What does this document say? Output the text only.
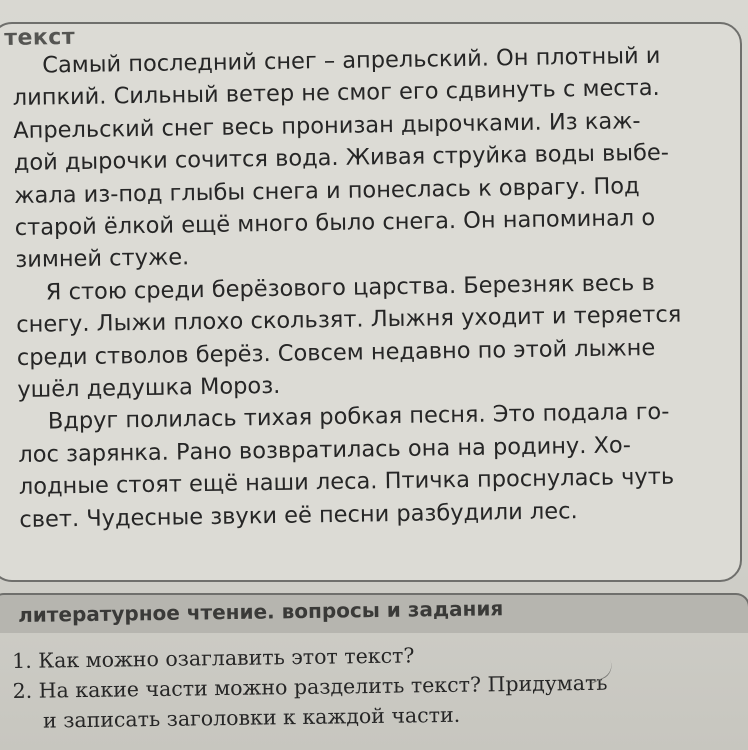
текст
Самый последний снег – апрельский. Он плотный и
липкий. Сильный ветер не смог его сдвинуть с места.
Апрельский снег весь пронизан дырочками. Из каж-
дой дырочки сочится вода. Живая струйка воды выбе-
жала из-под глыбы снега и понеслась к оврагу. Под
старой ёлкой ещё много было снега. Он напоминал о
зимней стуже.
Я стою среди берёзового царства. Березняк весь в
снегу. Лыжи плохо скользят. Лыжня уходит и теряется
среди стволов берёз. Совсем недавно по этой лыжне
ушёл дедушка Мороз.
Вдруг полилась тихая робкая песня. Это подала го-
лос зарянка. Рано возвратилась она на родину. Хо-
лодные стоят ещё наши леса. Птичка проснулась чуть
свет. Чудесные звуки её песни разбудили лес.
литературное чтение. вопросы и задания
1. Как можно озаглавить этот текст?
2. На какие части можно разделить текст? Придумать
и записать заголовки к каждой части.
